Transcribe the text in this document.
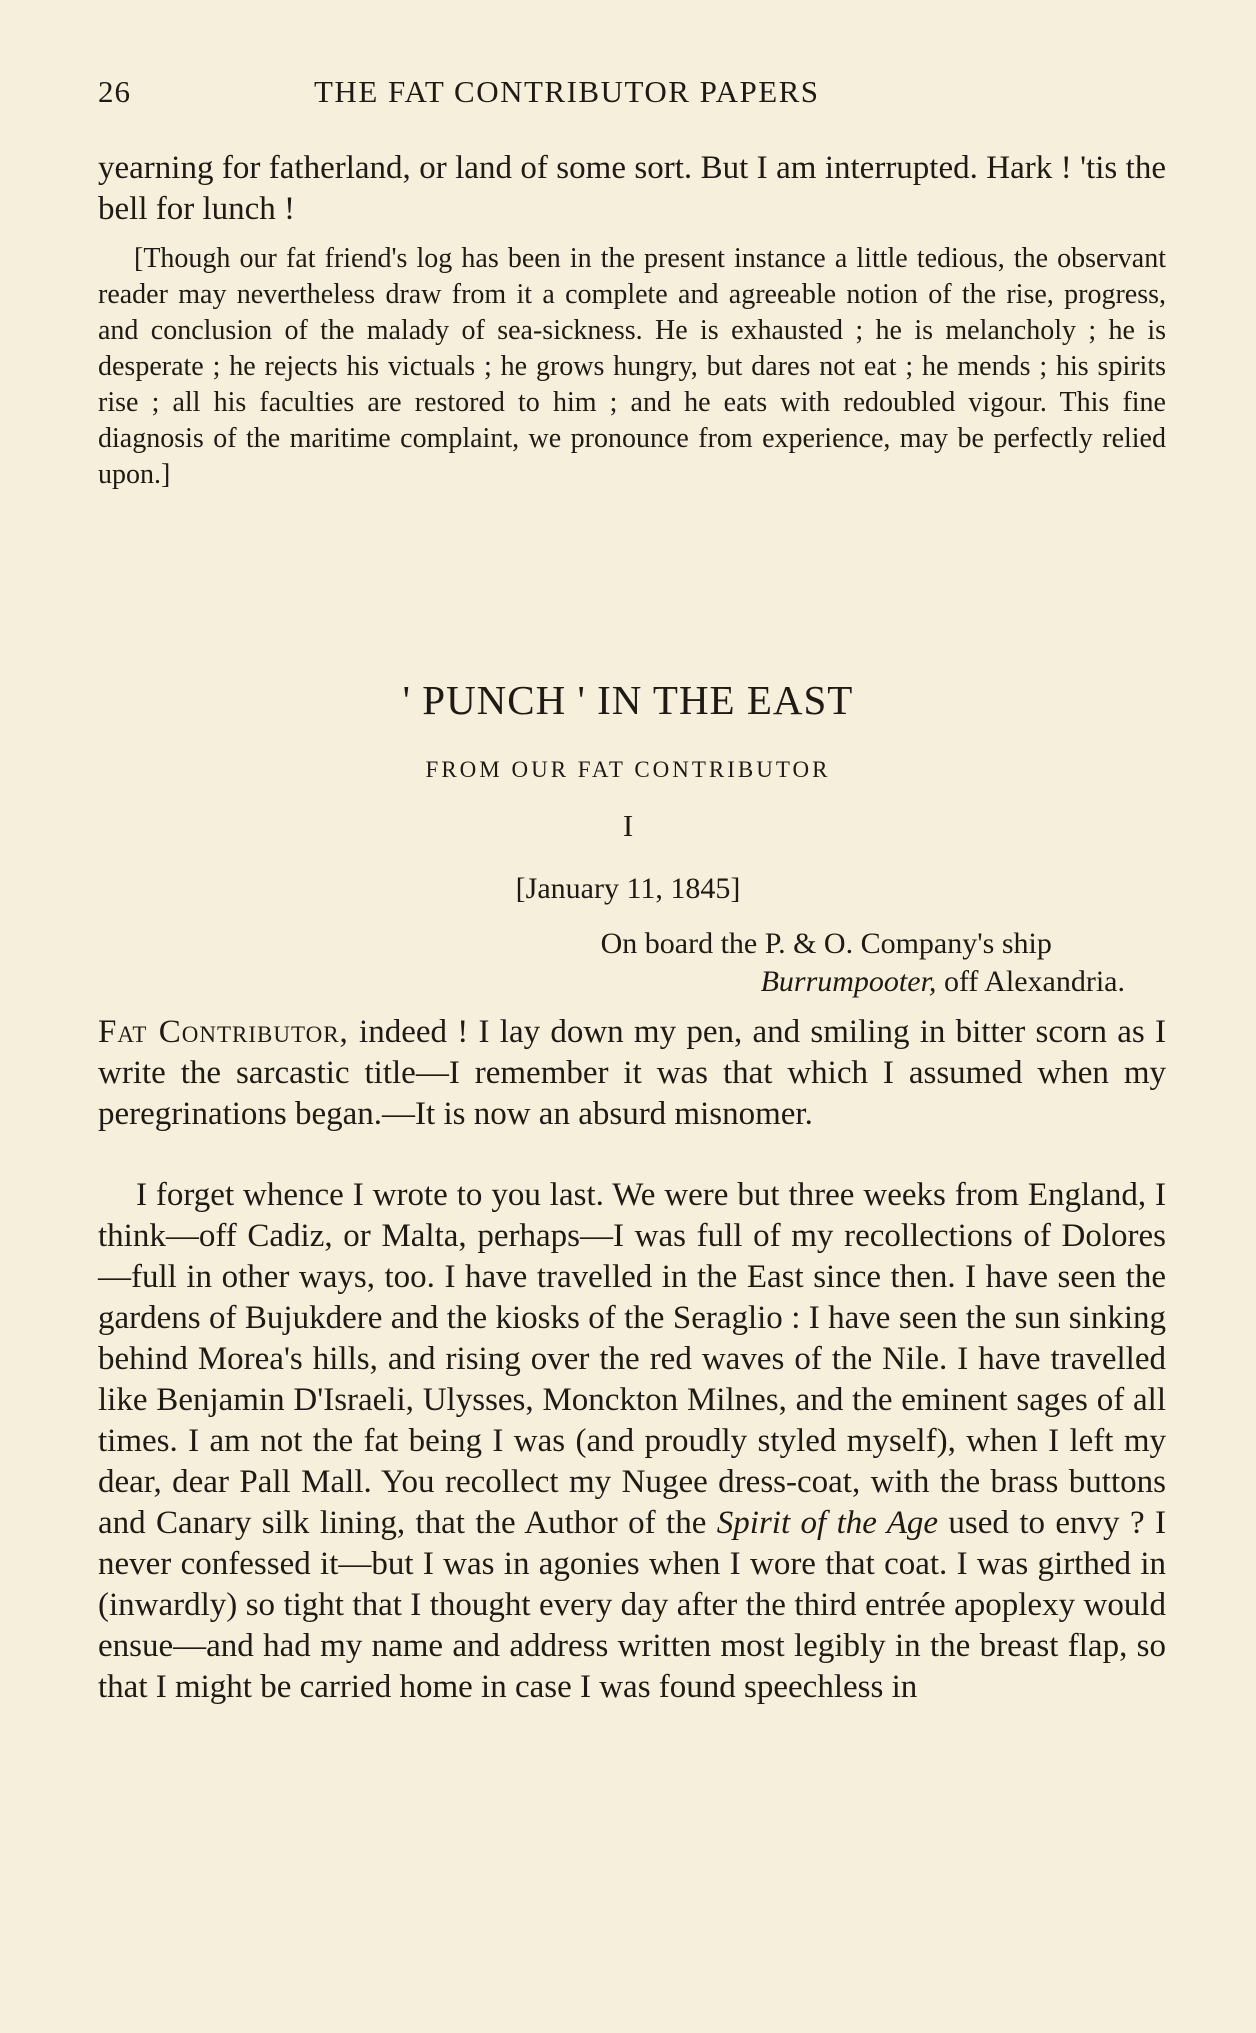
26	THE FAT CONTRIBUTOR PAPERS

yearning for fatherland, or land of some sort. But I am interrupted. Hark ! 'tis the bell for lunch !

[Though our fat friend's log has been in the present instance a little tedious, the observant reader may nevertheless draw from it a complete and agreeable notion of the rise, progress, and conclusion of the malady of sea-sickness. He is exhausted ; he is melancholy ; he is desperate ; he rejects his victuals ; he grows hungry, but dares not eat ; he mends ; his spirits rise ; all his faculties are restored to him ; and he eats with redoubled vigour. This fine diagnosis of the maritime complaint, we pronounce from experience, may be perfectly relied upon.]

' PUNCH ' IN THE EAST
FROM OUR FAT CONTRIBUTOR
I
[January 11, 1845]
On board the P. & O. Company's ship
Burrumpooter, off Alexandria.

Fat Contributor, indeed ! I lay down my pen, and smiling in bitter scorn as I write the sarcastic title—I remember it was that which I assumed when my peregrinations began.—It is now an absurd misnomer.

I forget whence I wrote to you last. We were but three weeks from England, I think—off Cadiz, or Malta, perhaps—I was full of my recollections of Dolores—full in other ways, too. I have travelled in the East since then. I have seen the gardens of Bujukdere and the kiosks of the Seraglio : I have seen the sun sinking behind Morea's hills, and rising over the red waves of the Nile. I have travelled like Benjamin D'Israeli, Ulysses, Monckton Milnes, and the eminent sages of all times. I am not the fat being I was (and proudly styled myself), when I left my dear, dear Pall Mall. You recollect my Nugee dress-coat, with the brass buttons and Canary silk lining, that the Author of the Spirit of the Age used to envy ? I never confessed it—but I was in agonies when I wore that coat. I was girthed in (inwardly) so tight that I thought every day after the third entrée apoplexy would ensue—and had my name and address written most legibly in the breast flap, so that I might be carried home in case I was found speechless in
